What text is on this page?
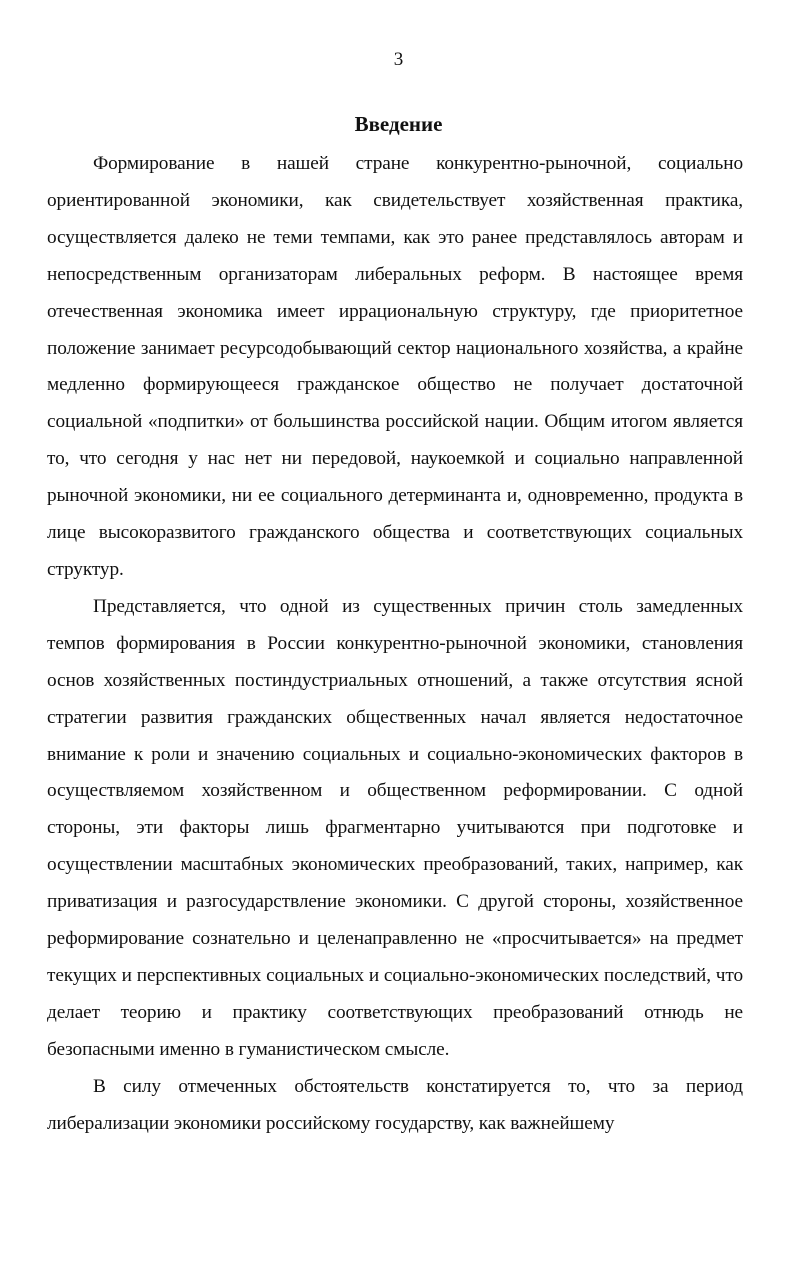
3
Введение

Формирование в нашей стране конкурентно-рыночной, социально ориентированной экономики, как свидетельствует хозяйственная практика, осуществляется далеко не теми темпами, как это ранее представлялось авторам и непосредственным организаторам либеральных реформ. В настоящее время отечественная экономика имеет иррациональную структуру, где приоритетное положение занимает ресурсодобывающий сектор национального хозяйства, а крайне медленно формирующееся гражданское общество не получает достаточной социальной «подпитки» от большинства российской нации. Общим итогом является то, что сегодня у нас нет ни передовой, наукоемкой и социально направленной рыночной экономики, ни ее социального детерминанта и, одновременно, продукта в лице высокоразвитого гражданского общества и соответствующих социальных структур.

Представляется, что одной из существенных причин столь замедленных темпов формирования в России конкурентно-рыночной экономики, становления основ хозяйственных постиндустриальных отношений, а также отсутствия ясной стратегии развития гражданских общественных начал является недостаточное внимание к роли и значению социальных и социально-экономических факторов в осуществляемом хозяйственном и общественном реформировании. С одной стороны, эти факторы лишь фрагментарно учитываются при подготовке и осуществлении масштабных экономических преобразований, таких, например, как приватизация и разгосударствление экономики. С другой стороны, хозяйственное реформирование сознательно и целенаправленно не «просчитывается» на предмет текущих и перспективных социальных и социально-экономических последствий, что делает теорию и практику соответствующих преобразований отнюдь не безопасными именно в гуманистическом смысле.

В силу отмеченных обстоятельств констатируется то, что за период либерализации экономики российскому государству, как важнейшему
